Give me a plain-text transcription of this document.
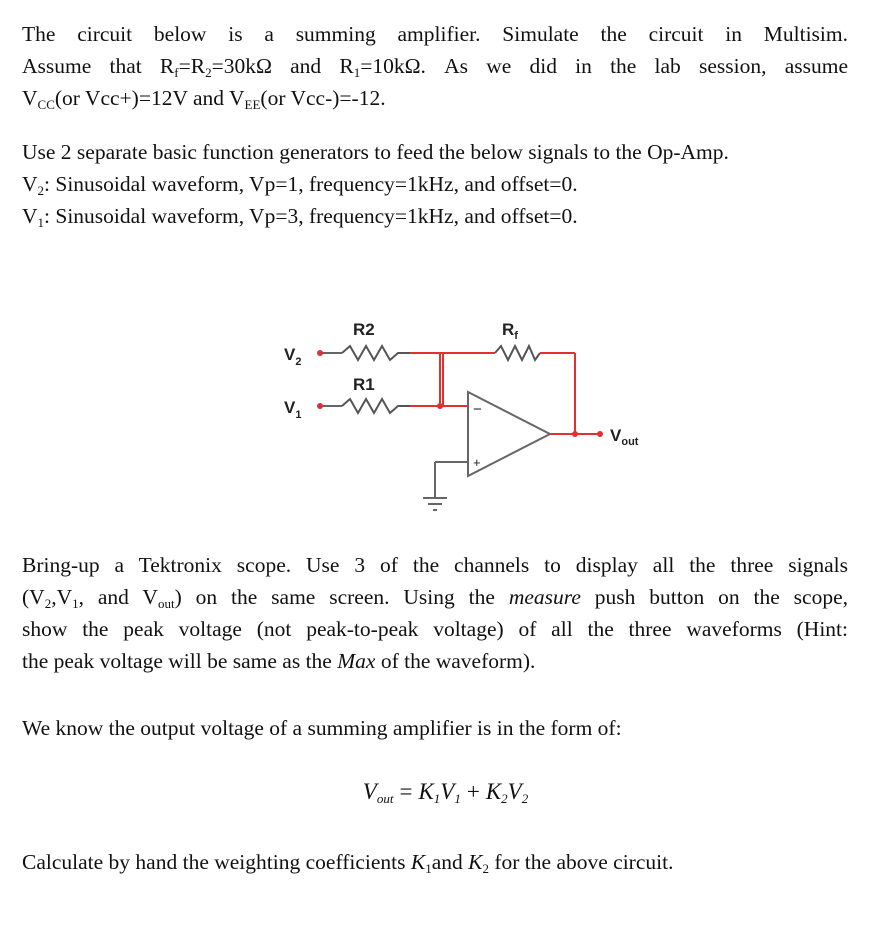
The circuit below is a summing amplifier. Simulate the circuit in Multisim.
Assume that $R_f=R_2=30k\Omega$ and $R_1=10k\Omega$. As we did in the lab session, assume
$V_{CC}(or$ Vcc+)=12V and $V_{EE}(or$ Vcc-)=-12.
Use 2 separate basic function generators to feed the below signals to the Op-Amp.
$V_2$: Sinusoidal waveform, Vp=1, frequency=1kHz, and offset=0.
$V_1$: Sinusoidal waveform, Vp=3, frequency=1kHz, and offset=0.
$V_2$
$V_1$
R2
R1
$R_f$
$V_{out}$
−
+
Bring-up a Tektronix scope. Use 3 of the channels to display all the three signals
($V_2,V_1$, and $V_{out}$) on the same screen. Using the measure push button on the scope,
show the peak voltage (not peak-to-peak voltage) of all the three waveforms (Hint:
the peak voltage will be same as the Max of the waveform).
We know the output voltage of a summing amplifier is in the form of:
$V_{out} = K_1V_1 + K_2V_2$
Calculate by hand the weighting coefficients $K_1and$ $K_2$ for the above circuit.
